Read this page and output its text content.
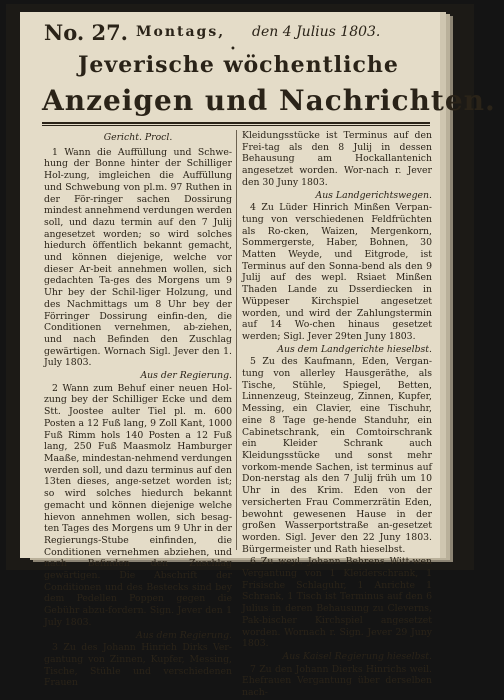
No. 27. Montags, den 4 Julius 1803.
•
Jeverische wöchentliche
Anzeigen und Nachrichten.

Gericht. Procl.

1 Wann die Auffüllung und Schwe-hung der Bonne hinter der Schilliger Hol-zung, imgleichen die Auffüllung und Schwebung von pl.m. 97 Ruthen in der För-ringer sachen Dossirung mindest annehmend verdungen werden soll, und dazu termin auf den 7 Julij angesetzet worden; so wird solches hiedurch öffentlich bekannt gemacht, und können diejenige, welche vor dieser Ar-beit annehmen wollen, sich gedachten Ta-ges des Morgens um 9 Uhr bey der Schil-liger Holzung, und des Nachmittags um 8 Uhr bey der Förringer Dossirung einfin-den, die Conditionen vernehmen, ab-ziehen, und nach Befinden den Zuschlag gewärtigen. Wornach Sigl. Jever den 1. July 1803.

Aus der Regierung.

2 Wann zum Behuf einer neuen Hol-zung bey der Schilliger Ecke und dem Stt. Joostee aulter Tiel pl. m. 600 Posten a 12 Fuß lang, 9 Zoll Kant, 1000 Fuß Rimm hols 140 Posten a 12 Fuß lang, 250 Fuß Maasmolz Hamburger Maaße, mindestan-nehmend verdungen werden soll, und dazu terminus auf den 13ten dieses, ange-setzet worden ist; so wird solches hiedurch bekannt gemacht und können diejenige welche hievon annehmen wollen, sich besag-ten Tages des Morgens um 9 Uhr in der Regierungs-Stube einfinden, die Conditionen vernehmen abziehen, und nach Befinden den Zuschlag gewärtigen. Die Abschrift der Conditionen und des Bestecks sind bey dem Pedellen Poppen gegen die Gebühr abzu-fordern. Sign. Jever den 1 July 1803.

Aus dem Regierung.

3 Zu des Johann Hinrich Dirks Ver-gantung von Zinnen, Kupfer, Messing, Tische, Stühle und verschiedenen Frauen

Kleidungsstücke ist Terminus auf den Frei-tag als den 8 Julij in dessen Behausung am Hockallantenich angesetzet worden. Wor-nach r. Jever den 30 Juny 1803.

Aus Landgerichtswegen.

4 Zu Lüder Hinrich Minßen Verpan-tung von verschiedenen Feldfrüchten als Ro-cken, Waizen, Mergenkorn, Sommergerste, Haber, Bohnen, 30 Matten Weyde, und Eitgrode, ist Terminus auf den Sonna-bend als den 9 Julij auf des wepl. Rsiaet Minßen Thaden Lande zu Dsserdiecken in Wüppeser Kirchspiel angesetzet worden, und wird der Zahlungstermin auf 14 Wo-chen hinaus gesetzet werden; Sigl. Jever 29ten Juny 1803.

Aus dem Landgerichte hieselbst.

5 Zu des Kaufmann, Eden, Vergan-tung von allerley Hausgeräthe, als Tische, Stühle, Spiegel, Betten, Linnenzeug, Steinzeug, Zinnen, Kupfer, Messing, ein Clavier, eine Tischuhr, eine 8 Tage ge-hende Standuhr, ein Cabinetschrank, ein Comtoirschrank ein Kleider Schrank auch Kleidungsstücke und sonst mehr vorkom-mende Sachen, ist terminus auf Don-nerstag als den 7 Julij früh um 10 Uhr in des Krim. Eden von der versicherten Frau Commerzrätin Eden, bewohnt gewesenen Hause in der großen Wasserportstraße an-gesetzet worden. Sigl. Jever den 22 Juny 1803. Bürgermeister und Rath hieselbst.

6 Zu weyl. Johann Behrens Witt-wen Vergantung von 1 Kleiderschrank, 1 Frisische Schlaguhr, 1 Anrichte 1 Schrank, 1 Tisch ist Terminus auf den 6 Julius in deren Behausung zu Cleverns, Pak-bischer Kirchspiel angesetzet worden. Wornach r. Sign. Jever 29 Juny 1803.

Aus Kaisel Regierung hieselbst.

7 Zu den Johann Dierks Hinrichs weil. Ehefrauen Vergantung über derselben nach-
